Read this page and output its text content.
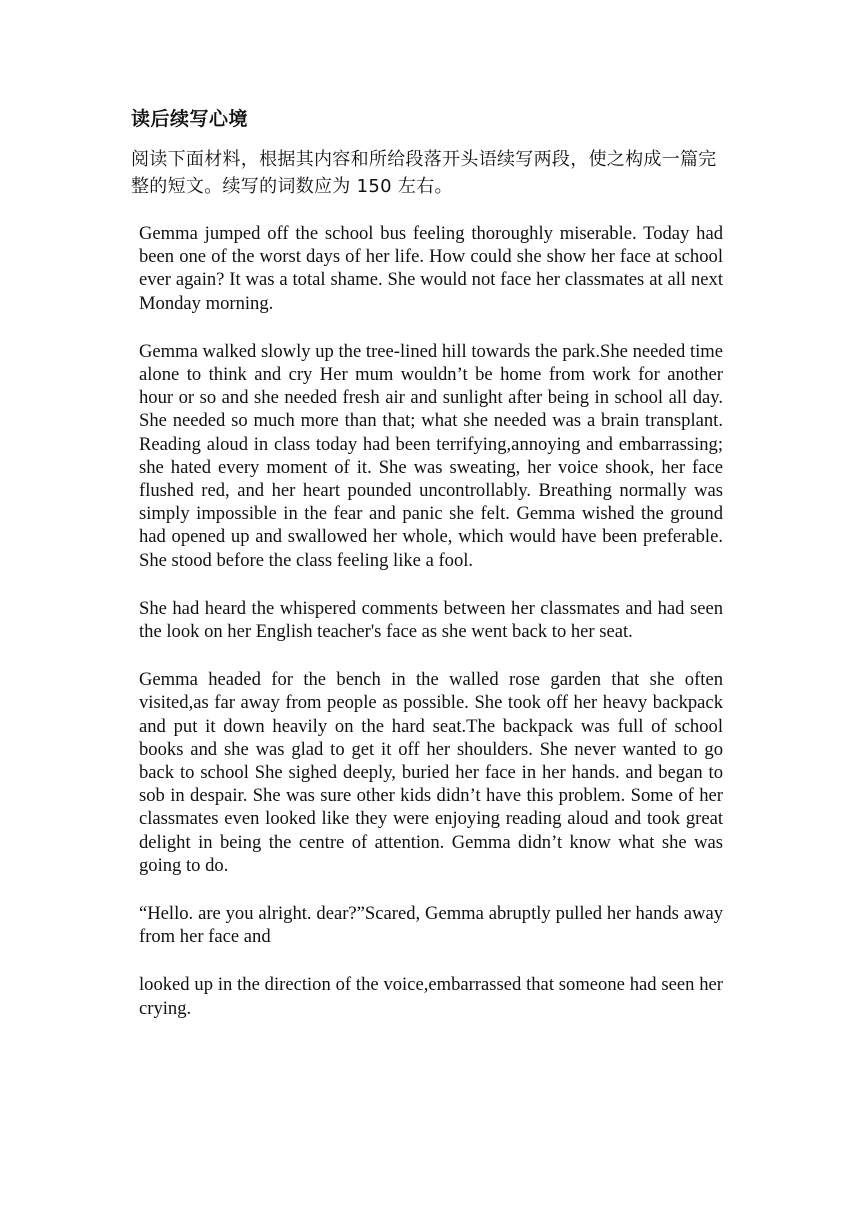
读后续写心境
阅读下面材料，根据其内容和所给段落开头语续写两段，使之构成一篇完整的短文。续写的词数应为 150 左右。

Gemma jumped off the school bus feeling thoroughly miserable. Today had been one of the worst days of her life. How could she show her face at school ever again? It was a total shame. She would not face her classmates at all next Monday morning.

Gemma walked slowly up the tree-lined hill towards the park.She needed time alone to think and cry Her mum wouldn’t be home from work for another hour or so and she needed fresh air and sunlight after being in school all day. She needed so much more than that; what she needed was a brain transplant. Reading aloud in class today had been terrifying,annoying and embarrassing; she hated every moment of it. She was sweating, her voice shook, her face flushed red, and her heart pounded uncontrollably. Breathing normally was simply impossible in the fear and panic she felt. Gemma wished the ground had opened up and swallowed her whole, which would have been preferable. She stood before the class feeling like a fool.

She had heard the whispered comments between her classmates and had seen the look on her English teacher's face as she went back to her seat.

Gemma headed for the bench in the walled rose garden that she often visited,as far away from people as possible. She took off her heavy backpack and put it down heavily on the hard seat.The backpack was full of school books and she was glad to get it off her shoulders. She never wanted to go back to school She sighed deeply, buried her face in her hands. and began to sob in despair. She was sure other kids didn’t have this problem. Some of her classmates even looked like they were enjoying reading aloud and took great delight in being the centre of attention. Gemma didn’t know what she was going to do.

“Hello. are you alright. dear?”Scared, Gemma abruptly pulled her hands away from her face and

looked up in the direction of the voice,embarrassed that someone had seen her crying.
